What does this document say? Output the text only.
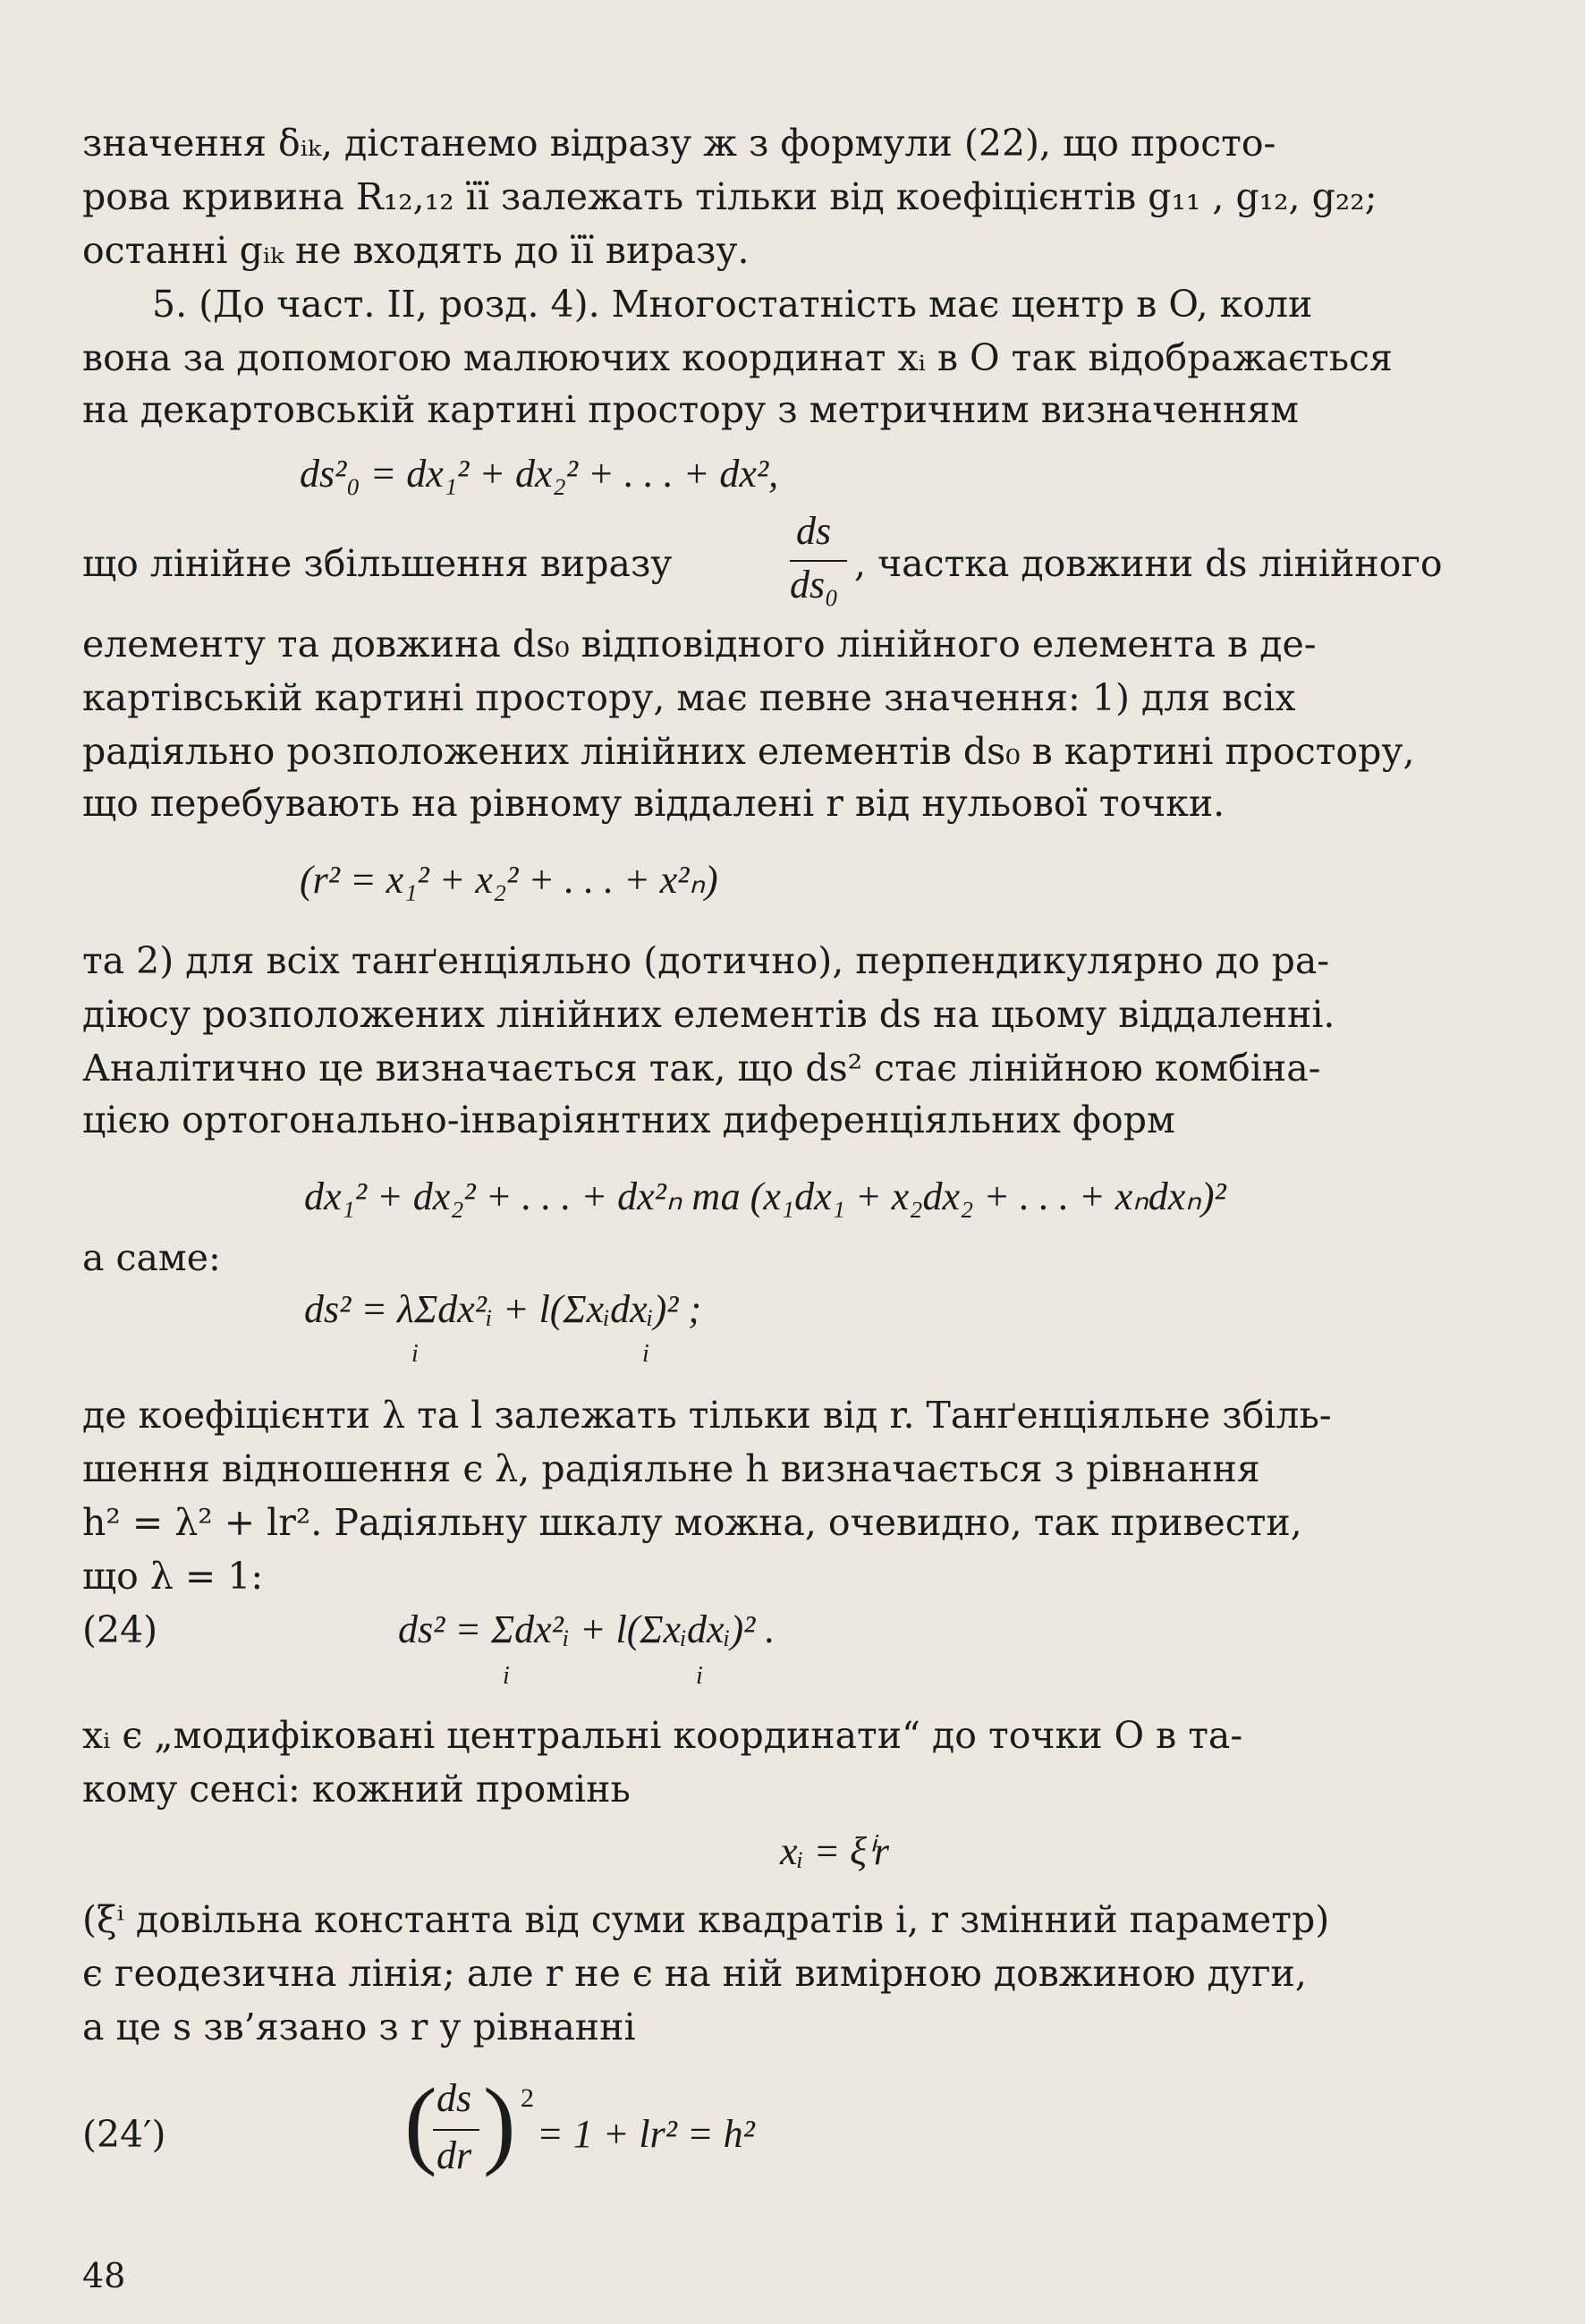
значення δᵢₖ, дістанемо відразу ж з формули (22), що просто-
рова кривина R₁₂,₁₂ її залежать тільки від коефіцієнтів g₁₁ , g₁₂, g₂₂;
останні gᵢₖ не входять до її виразу.
5. (До част. II, розд. 4). Многостатність має центр в O, коли
вона за допомогою малюючих координат xᵢ в O так відображається
на декартовській картині простору з метричним визначенням
ds²₀ = dx₁² + dx₂² + . . . + dx²,
що лінійне збільшення виразу
ds
ds₀ , частка довжини ds лінійного
елементу та довжина ds₀ відповідного лінійного елемента в де-
картівській картині простору, має певне значення: 1) для всіх
радіяльно розположених лінійних елементів ds₀ в картині простору,
що перебувають на рівному віддалені r від нульової точки.
(r² = x₁² + x₂² + . . . + x²ₙ)
та 2) для всіх танґенціяльно (дотично), перпендикулярно до ра-
діюсу розположених лінійних елементів ds на цьому віддаленні.
Аналітично це визначається так, що ds² стає лінійною комбіна-
цією ортогонально-інваріянтних диференціяльних форм
dx₁² + dx₂² + . . . + dx²ₙ та (x₁dx₁ + x₂dx₂ + . . . + xₙdxₙ)²
а саме:
ds² = λΣdx²ᵢ + l(Σxᵢdxᵢ)² ;
i	i
де коефіцієнти λ та l залежать тільки від r. Танґенціяльне збіль-
шення відношення є λ, радіяльне h визначається з рівнання
h² = λ² + lr². Радіяльну шкалу можна, очевидно, так привести,
що λ = 1:
(24)	ds² = Σdx²ᵢ + l(Σxᵢdxᵢ)² .
i	i
xᵢ є „модифіковані центральні координати“ до точки O в та-
кому сенсі: кожний промінь
xᵢ = ξⁱr
(ξⁱ довільна константа від суми квадратів i, r змінний параметр)
є геодезична лінія; але r не є на ній вимірною довжиною дуги,
а це s зв’язано з r у рівнанні
(24′)
ds
dr
( ) 2
= 1 + lr² = h²
48
